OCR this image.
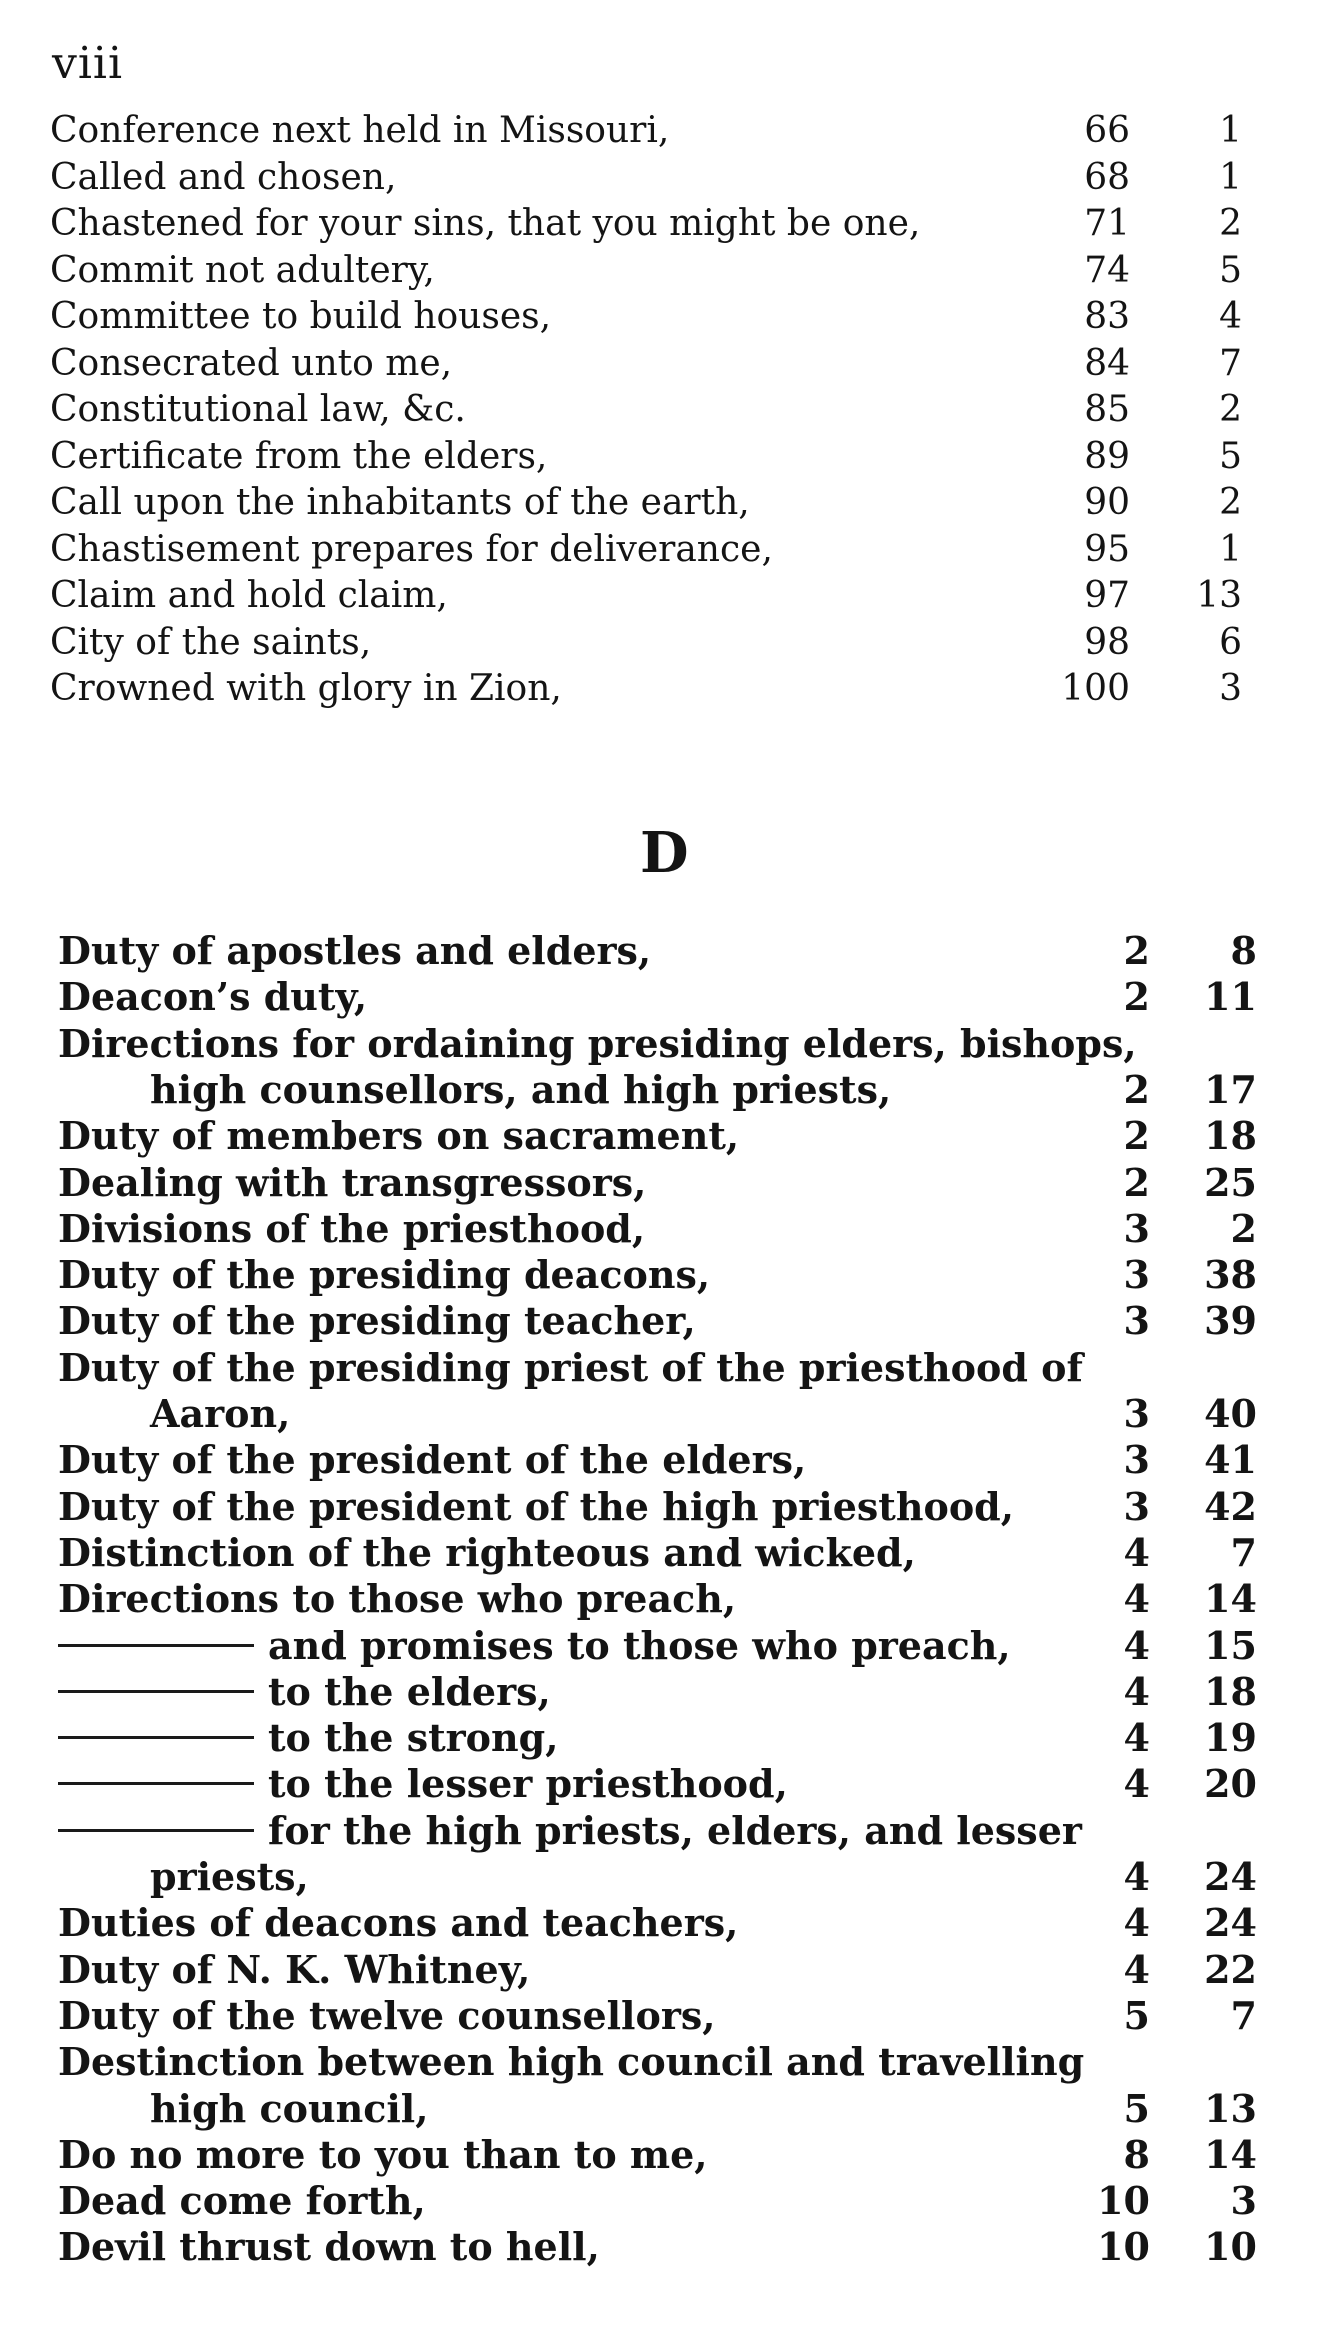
viii
Conference next held in Missouri,	66	1
Called and chosen,	68	1
Chastened for your sins, that you might be one,	71	2
Commit not adultery,	74	5
Committee to build houses,	83	4
Consecrated unto me,	84	7
Constitutional law, &c.	85	2
Certificate from the elders,	89	5
Call upon the inhabitants of the earth,	90	2
Chastisement prepares for deliverance,	95	1
Claim and hold claim,	97	13
City of the saints,	98	6
Crowned with glory in Zion,	100	3
D
Duty of apostles and elders,	2	8
Deacon’s duty,	2	11
Directions for ordaining presiding elders, bishops,
high counsellors, and high priests,	2	17
Duty of members on sacrament,	2	18
Dealing with transgressors,	2	25
Divisions of the priesthood,	3	2
Duty of the presiding deacons,	3	38
Duty of the presiding teacher,	3	39
Duty of the presiding priest of the priesthood of
Aaron,	3	40
Duty of the president of the elders,	3	41
Duty of the president of the high priesthood,	3	42
Distinction of the righteous and wicked,	4	7
Directions to those who preach,	4	14
and promises to those who preach,	4	15
to the elders,	4	18
to the strong,	4	19
to the lesser priesthood,	4	20
for the high priests, elders, and lesser
priests,	4	24
Duties of deacons and teachers,	4	24
Duty of N. K. Whitney,	4	22
Duty of the twelve counsellors,	5	7
Destinction between high council and travelling
high council,	5	13
Do no more to you than to me,	8	14
Dead come forth,	10	3
Devil thrust down to hell,	10	10
